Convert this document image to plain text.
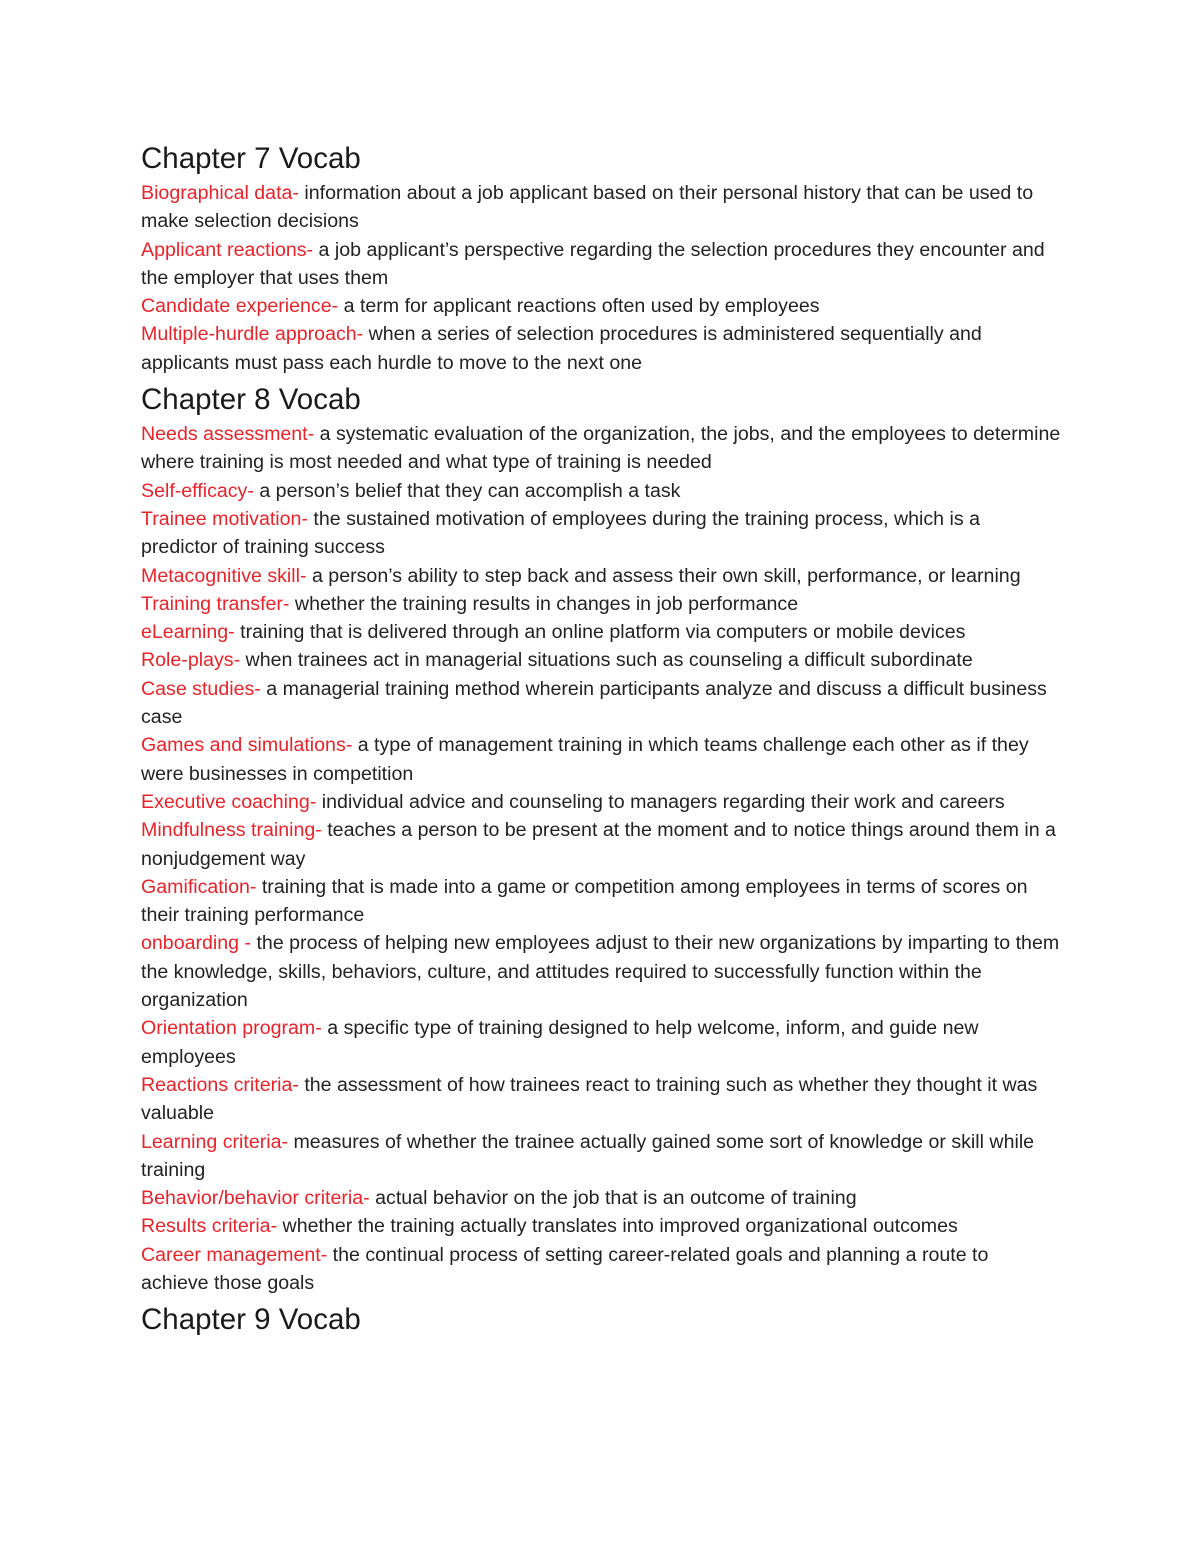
Chapter 7 Vocab

Biographical data- information about a job applicant based on their personal history that can be used to make selection decisions

Applicant reactions- a job applicant’s perspective regarding the selection procedures they encounter and the employer that uses them

Candidate experience- a term for applicant reactions often used by employees

Multiple-hurdle approach- when a series of selection procedures is administered sequentially and applicants must pass each hurdle to move to the next one

Chapter 8 Vocab

Needs assessment- a systematic evaluation of the organization, the jobs, and the employees to determine where training is most needed and what type of training is needed

Self-efficacy- a person’s belief that they can accomplish a task

Trainee motivation- the sustained motivation of employees during the training process, which is a predictor of training success

Metacognitive skill- a person’s ability to step back and assess their own skill, performance, or learning

Training transfer- whether the training results in changes in job performance

eLearning- training that is delivered through an online platform via computers or mobile devices

Role-plays- when trainees act in managerial situations such as counseling a difficult subordinate

Case studies- a managerial training method wherein participants analyze and discuss a difficult business case

Games and simulations- a type of management training in which teams challenge each other as if they were businesses in competition

Executive coaching- individual advice and counseling to managers regarding their work and careers

Mindfulness training- teaches a person to be present at the moment and to notice things around them in a nonjudgement way

Gamification- training that is made into a game or competition among employees in terms of scores on their training performance

onboarding - the process of helping new employees adjust to their new organizations by imparting to them the knowledge, skills, behaviors, culture, and attitudes required to successfully function within the organization

Orientation program- a specific type of training designed to help welcome, inform, and guide new employees

Reactions criteria- the assessment of how trainees react to training such as whether they thought it was valuable

Learning criteria- measures of whether the trainee actually gained some sort of knowledge or skill while training

Behavior/behavior criteria- actual behavior on the job that is an outcome of training

Results criteria- whether the training actually translates into improved organizational outcomes

Career management- the continual process of setting career-related goals and planning a route to achieve those goals

Chapter 9 Vocab
